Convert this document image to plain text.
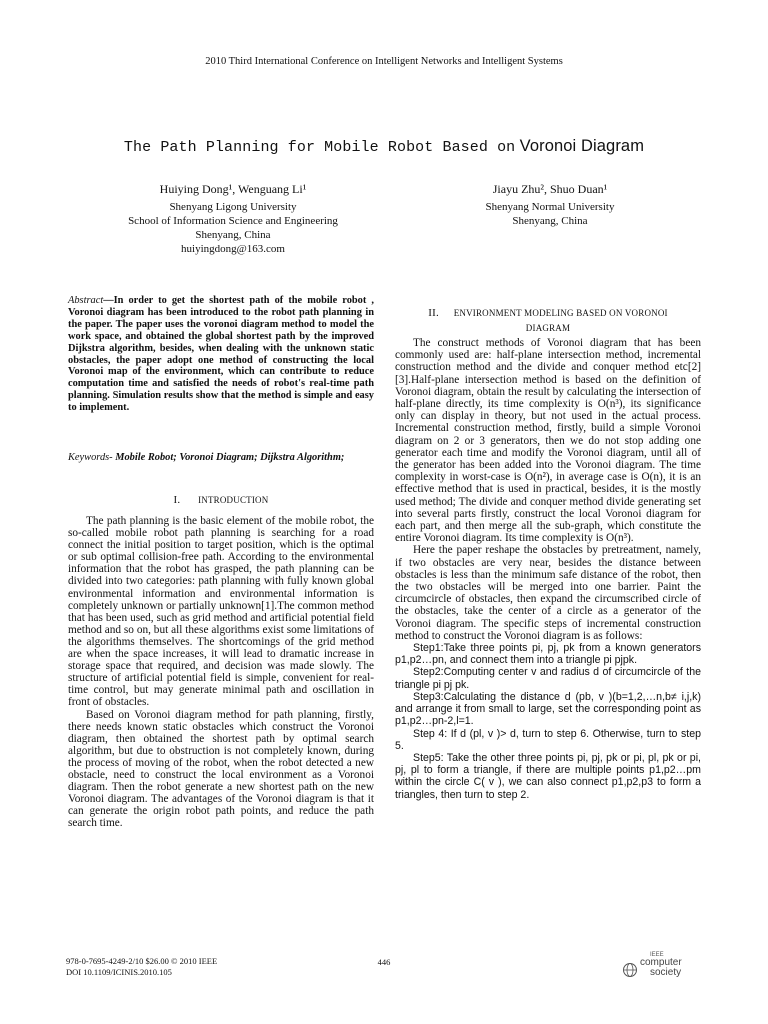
2010 Third International Conference on Intelligent Networks and Intelligent Systems
The Path Planning for Mobile Robot Based on Voronoi Diagram
Huiying Dong¹, Wenguang Li¹
Shenyang Ligong University
School of Information Science and Engineering
Shenyang, China
huiyingdong@163.com
Jiayu Zhu², Shuo Duan¹
Shenyang Normal University
Shenyang, China
Abstract—In order to get the shortest path of the mobile robot , Voronoi diagram has been introduced to the robot path planning in the paper. The paper uses the voronoi diagram method to model the work space, and obtained the global shortest path by the improved Dijkstra algorithm, besides, when dealing with the unknown static obstacles, the paper adopt one method of constructing the local Voronoi map of the environment, which can contribute to reduce computation time and satisfied the needs of robot's real-time path planning. Simulation results show that the method is simple and easy to implement.
Keywords- Mobile Robot; Voronoi Diagram; Dijkstra Algorithm;
I. INTRODUCTION

The path planning is the basic element of the mobile robot, the so-called mobile robot path planning is searching for a road connect the initial position to target position, which is the optimal or sub optimal collision-free path. According to the environmental information that the robot has grasped, the path planning can be divided into two categories: path planning with fully known global environmental information and environmental information is completely unknown or partially unknown[1].The common method that has been used, such as grid method and artificial potential field method and so on, but all these algorithms exist some limitations of the algorithms themselves. The shortcomings of the grid method are when the space increases, it will lead to dramatic increase in storage space that required, and decision was made slowly. The structure of artificial potential field is simple, convenient for real-time control, but may generate minimal path and oscillation in front of obstacles.

Based on Voronoi diagram method for path planning, firstly, there needs known static obstacles which construct the Voronoi diagram, then obtained the shortest path by optimal search algorithm, but due to obstruction is not completely known, during the process of moving of the robot, when the robot detected a new obstacle, need to construct the local environment as a Voronoi diagram. Then the robot generate a new shortest path on the new Voronoi diagram. The advantages of the Voronoi diagram is that it can generate the origin robot path points, and reduce the path search time.

II. ENVIRONMENT MODELING BASED ON VORONOI
DIAGRAM

The construct methods of Voronoi diagram that has been commonly used are: half-plane intersection method, incremental construction method and the divide and conquer method etc[2] [3].Half-plane intersection method is based on the definition of Voronoi diagram, obtain the result by calculating the intersection of half-plane directly, its time complexity is O(n³), its significance only can display in theory, but not used in the actual process. Incremental construction method, firstly, build a simple Voronoi diagram on 2 or 3 generators, then we do not stop adding one generator each time and modify the Voronoi diagram, until all of the generator has been added into the Voronoi diagram. The time complexity in worst-case is O(n²), in average case is O(n), it is an effective method that is used in practical, besides, it is the mostly used method; The divide and conquer method divide generating set into several parts firstly, construct the local Voronoi diagram for each part, and then merge all the sub-graph, which constitute the entire Voronoi diagram. Its time complexity is O(n³).

Here the paper reshape the obstacles by pretreatment, namely, if two obstacles are very near, besides the distance between obstacles is less than the minimum safe distance of the robot, then the two obstacles will be merged into one barrier. Paint the circumcircle of obstacles, then expand the circumscribed circle of the obstacles, take the center of a circle as a generator of the Voronoi diagram. The specific steps of incremental construction method to construct the Voronoi diagram is as follows:

Step1:Take three points pi, pj, pk from a known generators p1,p2…pn, and connect them into a triangle pi pjpk.

Step2:Computing center v and radius d of circumcircle of the triangle pi pj pk.

Step3:Calculating the distance d (pb, v )(b=1,2,…n,b≠ i,j,k) and arrange it from small to large, set the corresponding point as p1,p2…pn-2,l=1.

Step 4: If d (pl, v )> d, turn to step 6. Otherwise, turn to step 5.

Step5: Take the other three points pi, pj, pk or pi, pl, pk or pi, pj, pl to form a triangle, if there are multiple points p1,p2…pm within the circle C( v ), we can also connect p1,p2,p3 to form a triangles, then turn to step 2.

978-0-7695-4249-2/10 $26.00 © 2010 IEEE
DOI 10.1109/ICINIS.2010.105
446
IEEE
computer
society
